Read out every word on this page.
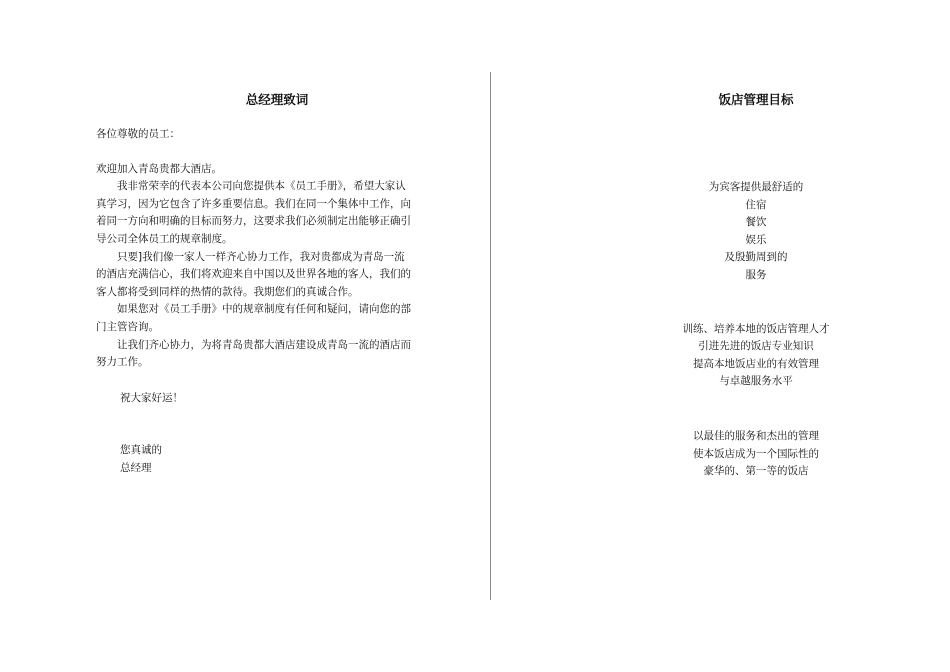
总经理致词
各位尊敬的员工：
欢迎加入青岛贵都大酒店。
我非常荣幸的代表本公司向您提供本《员工手册》，希望大家认
真学习，因为它包含了许多重要信息。我们在同一个集体中工作，向
着同一方向和明确的目标而努力，这要求我们必须制定出能够正确引
导公司全体员工的规章制度。
只要]我们像一家人一样齐心协力工作，我对贵都成为青岛一流
的酒店充满信心，我们将欢迎来自中国以及世界各地的客人，我们的
客人都将受到同样的热情的款待。我期您们的真诚合作。
如果您对《员工手册》中的规章制度有任何和疑问，请向您的部
门主管咨询。
让我们齐心协力，为将青岛贵都大酒店建设成青岛一流的酒店而
努力工作。
祝大家好运！
您真诚的
总经理
饭店管理目标
为宾客提供最舒适的
住宿
餐饮
娱乐
及殷勤周到的
服务
训练、培养本地的饭店管理人才
引进先进的饭店专业知识
提高本地饭店业的有效管理
与卓越服务水平
以最佳的服务和杰出的管理
使本饭店成为一个国际性的
豪华的、第一等的饭店
